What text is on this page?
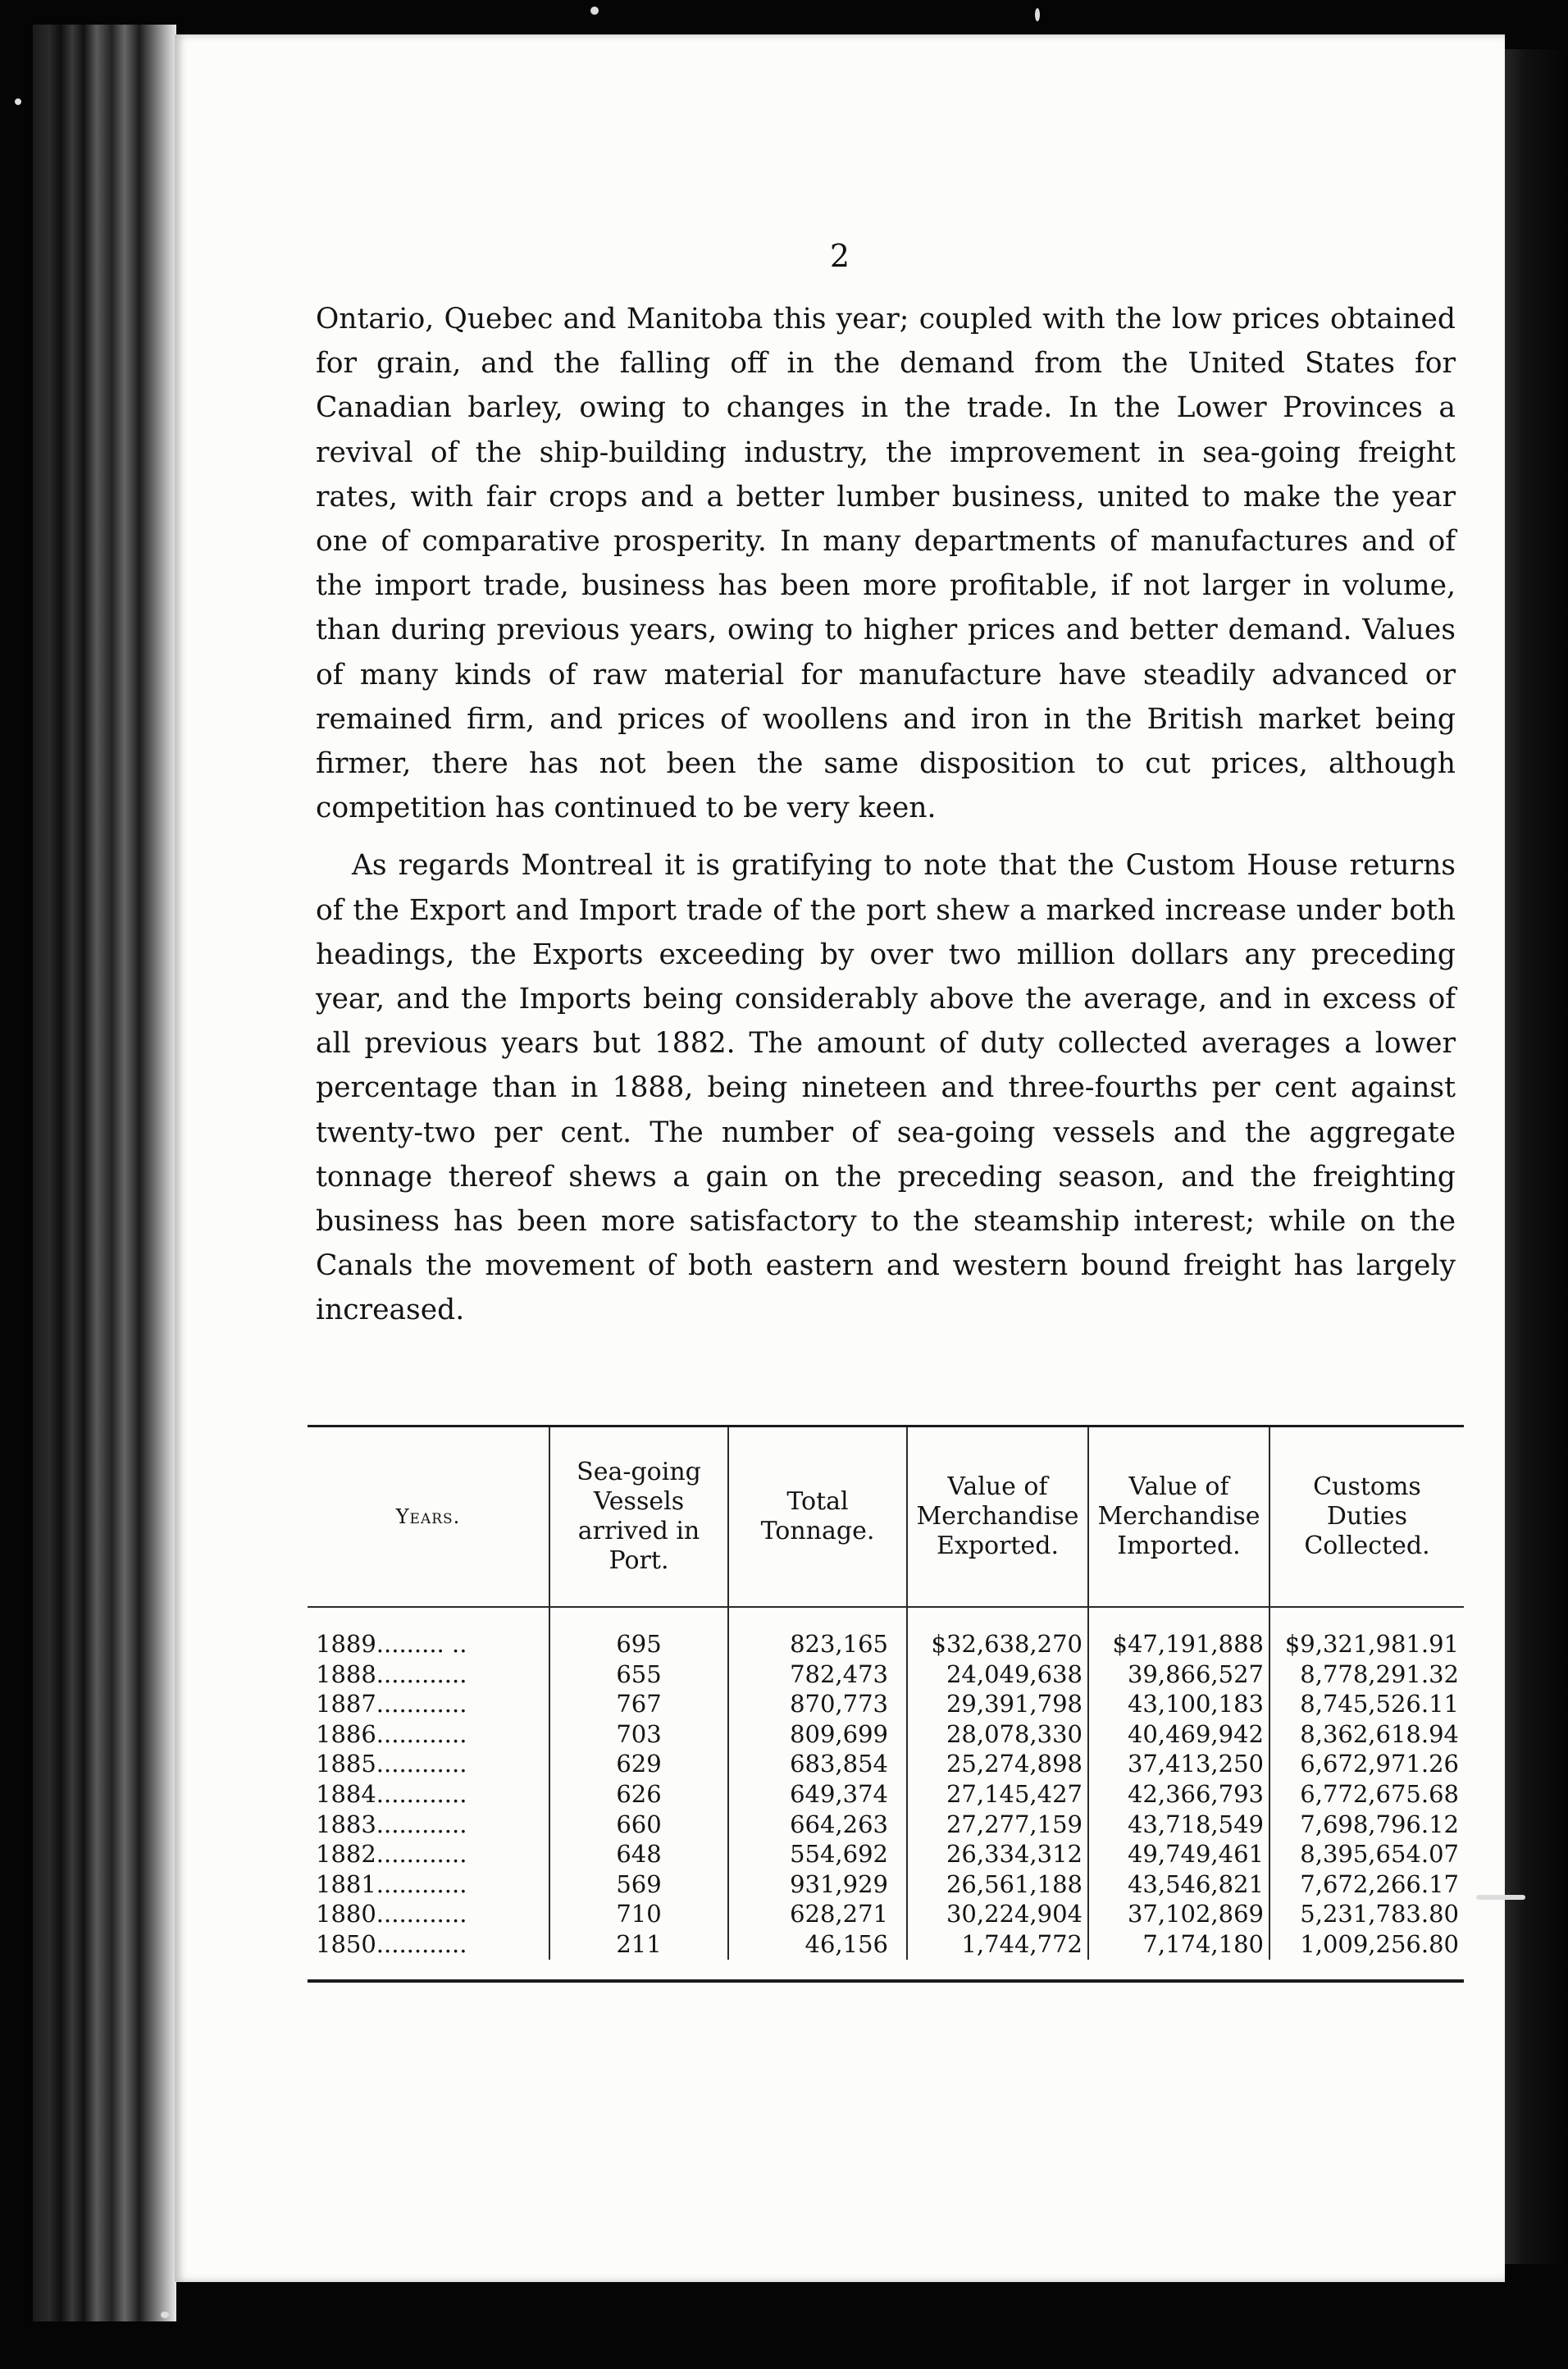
2

Ontario, Quebec and Manitoba this year; coupled with the low prices obtained for grain, and the falling off in the demand from the United States for Canadian barley, owing to changes in the trade. In the Lower Provinces a revival of the ship-building industry, the improvement in sea-going freight rates, with fair crops and a better lumber business, united to make the year one of comparative prosperity. In many departments of manufactures and of the import trade, business has been more profitable, if not larger in volume, than during previous years, owing to higher prices and better demand. Values of many kinds of raw material for manufacture have steadily advanced or remained firm, and prices of woollens and iron in the British market being firmer, there has not been the same disposition to cut prices, although competition has continued to be very keen.

As regards Montreal it is gratifying to note that the Custom House returns of the Export and Import trade of the port shew a marked increase under both headings, the Exports exceeding by over two million dollars any preceding year, and the Imports being considerably above the average, and in excess of all previous years but 1882. The amount of duty collected averages a lower percentage than in 1888, being nineteen and three-fourths per cent against twenty-two per cent. The number of sea-going vessels and the aggregate tonnage thereof shews a gain on the preceding season, and the freighting business has been more satisfactory to the steamship interest; while on the Canals the movement of both eastern and western bound freight has largely increased.

Years.	Sea-going Vessels arrived in Port.	Total Tonnage.	Value of Merchandise Exported.	Value of Merchandise Imported.	Customs Duties Collected.
1889......... ..	695	823,165	$32,638,270	$47,191,888	$9,321,981.91
1888............	655	782,473	24,049,638	39,866,527	8,778,291.32
1887............	767	870,773	29,391,798	43,100,183	8,745,526.11
1886............	703	809,699	28,078,330	40,469,942	8,362,618.94
1885............	629	683,854	25,274,898	37,413,250	6,672,971.26
1884............	626	649,374	27,145,427	42,366,793	6,772,675.68
1883............	660	664,263	27,277,159	43,718,549	7,698,796.12
1882............	648	554,692	26,334,312	49,749,461	8,395,654.07
1881............	569	931,929	26,561,188	43,546,821	7,672,266.17
1880............	710	628,271	30,224,904	37,102,869	5,231,783.80
1850............	211	46,156	1,744,772	7,174,180	1,009,256.80
